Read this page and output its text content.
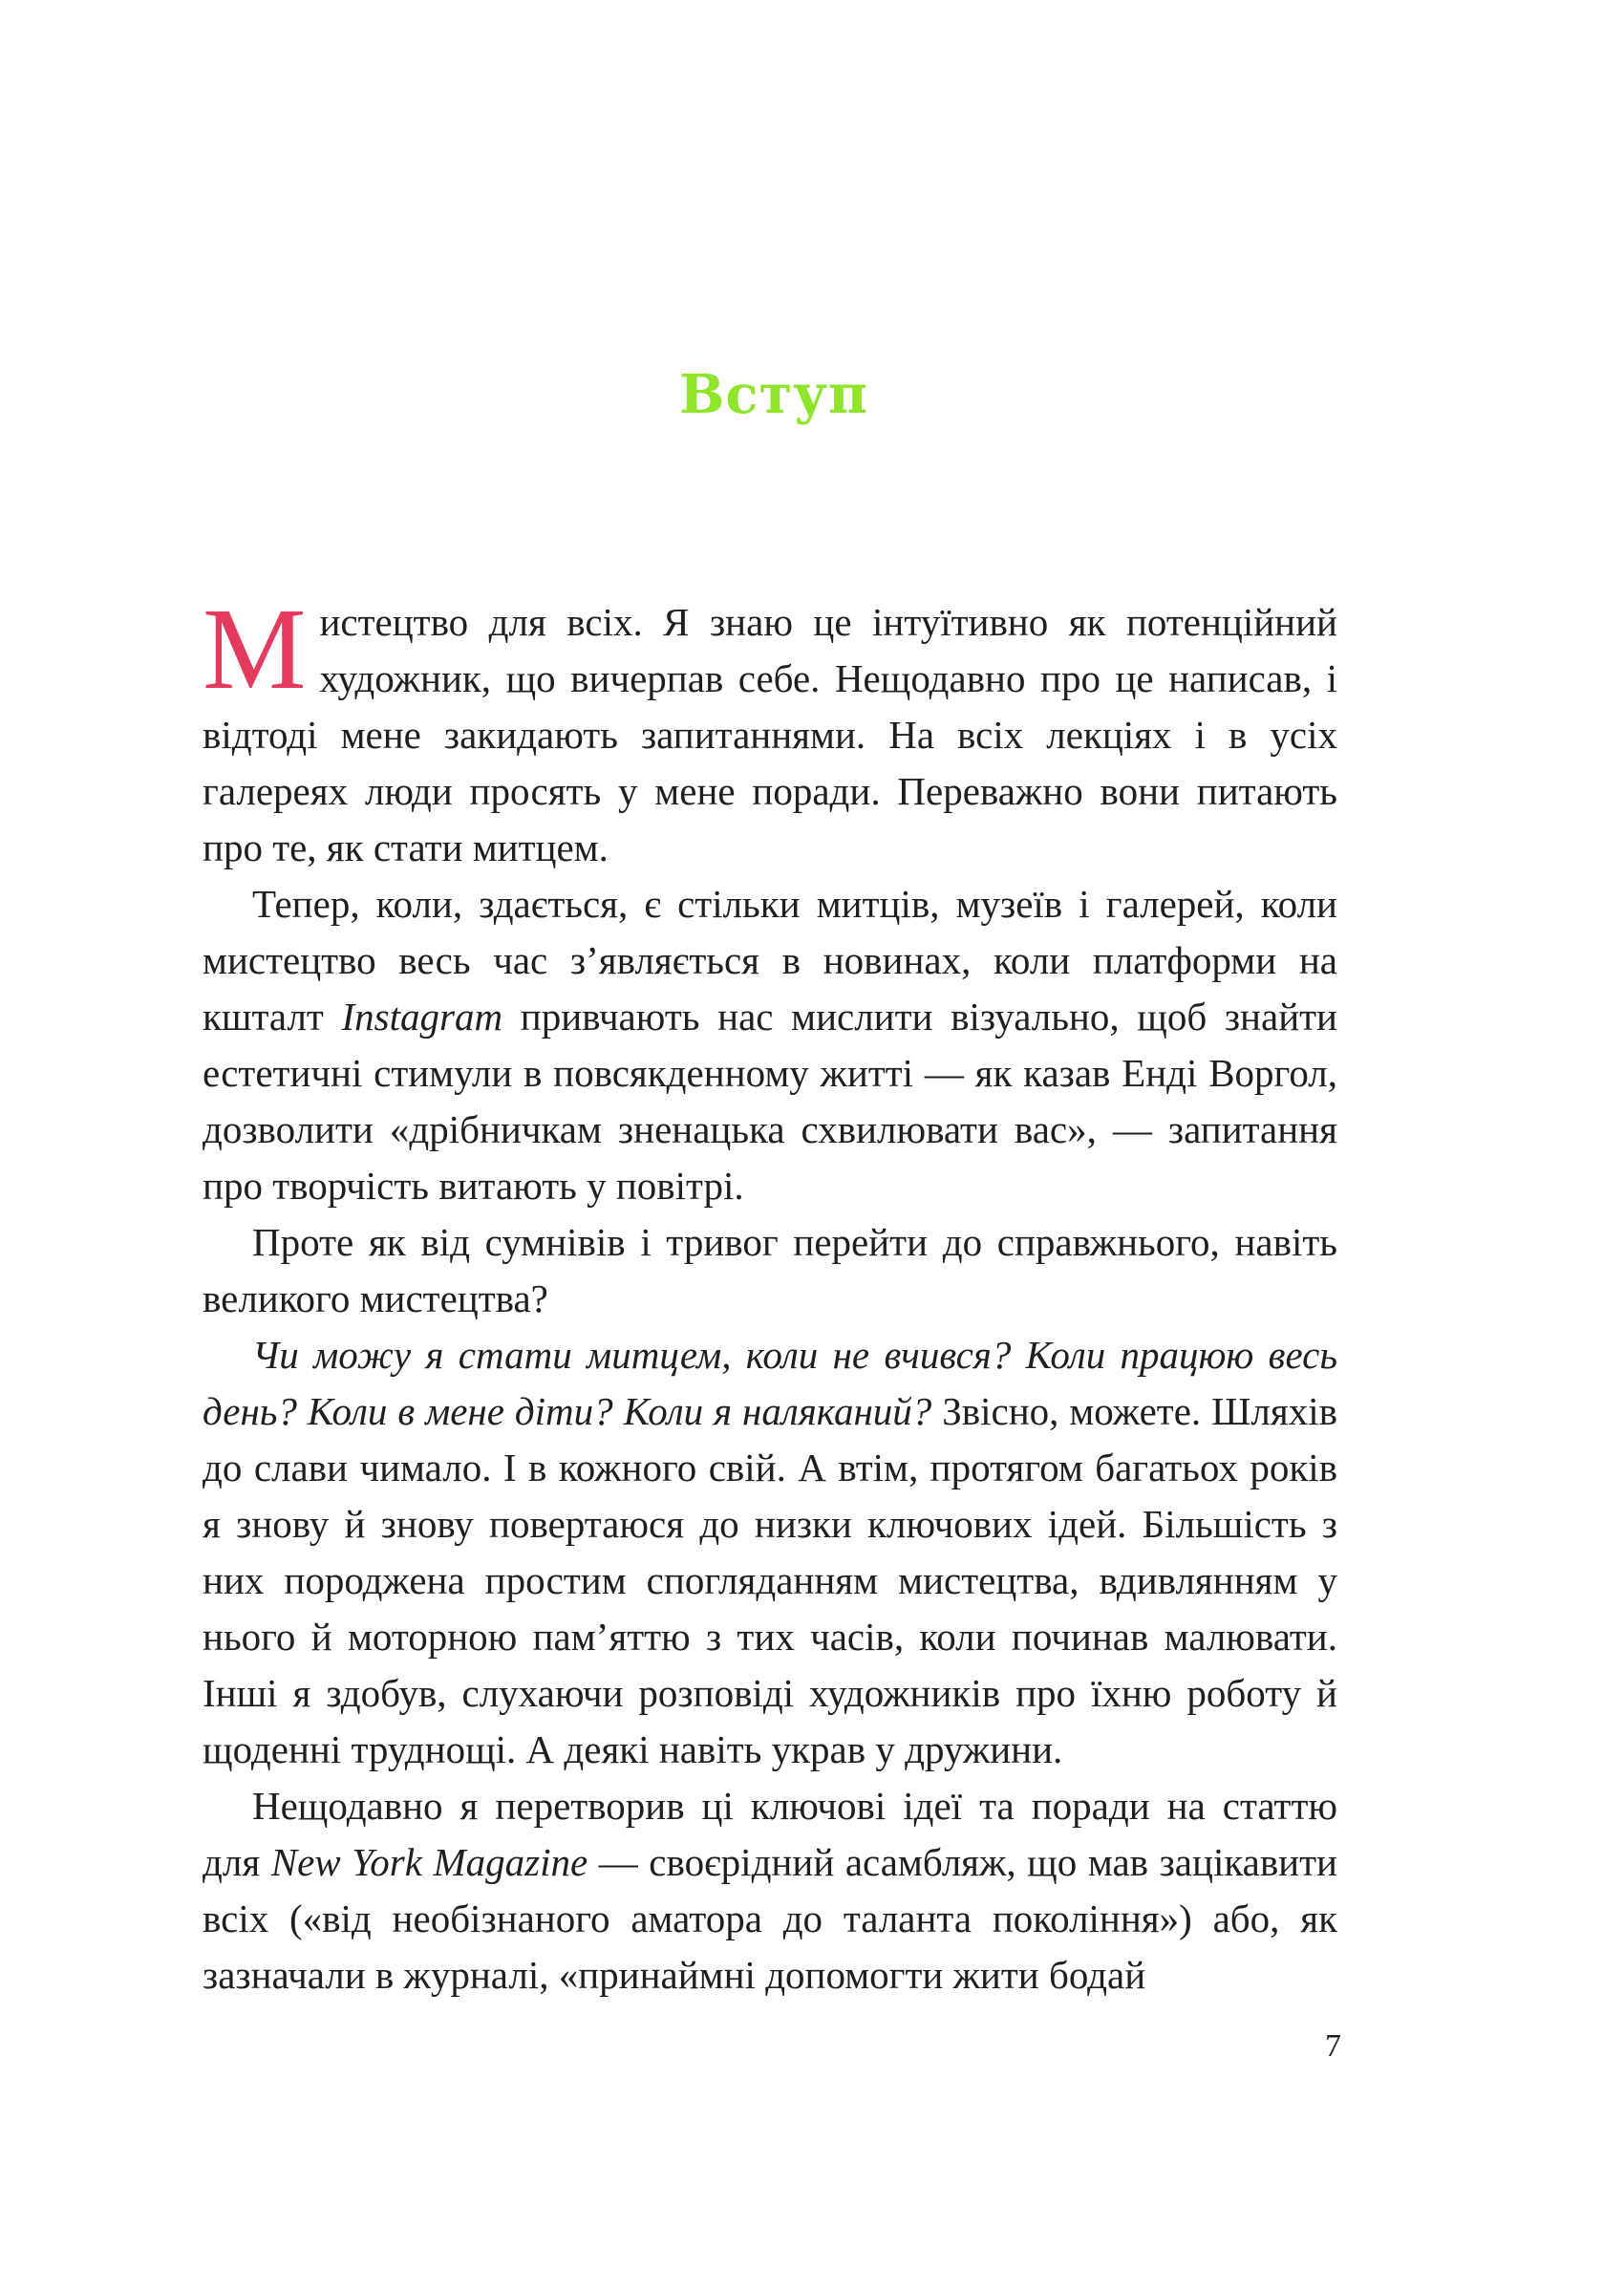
Вступ

Мистецтво для всіх. Я знаю це інтуїтивно як потенційний художник, що вичерпав себе. Нещодавно про це написав, і відтоді мене закидають запитаннями. На всіх лекціях і в усіх галереях люди просять у мене поради. Переважно вони питають про те, як стати митцем.

Тепер, коли, здається, є стільки митців, музеїв і галерей, коли мистецтво весь час з’являється в новинах, коли платформи на кшталт Instagram привчають нас мислити візуально, щоб знайти естетичні стимули в повсякденному житті — як казав Енді Воргол, дозволити «дрібничкам зненацька схвилювати вас», — запитання про творчість витають у повітрі.

Проте як від сумнівів і тривог перейти до справжнього, навіть великого мистецтва?

Чи можу я стати митцем, коли не вчився? Коли працюю весь день? Коли в мене діти? Коли я наляканий? Звісно, можете. Шляхів до слави чимало. І в кожного свій. А втім, протягом багатьох років я знову й знову повертаюся до низки ключових ідей. Більшість з них породжена простим спогляданням мистецтва, вдивлянням у нього й моторною пам’яттю з тих часів, коли починав малювати. Інші я здобув, слухаючи розповіді художників про їхню роботу й щоденні труднощі. А деякі навіть украв у дружини.

Нещодавно я перетворив ці ключові ідеї та поради на статтю для New York Magazine — своєрідний асамбляж, що мав зацікавити всіх («від необізнаного аматора до таланта покоління») або, як зазначали в журналі, «принаймні допомогти жити бодай

7
